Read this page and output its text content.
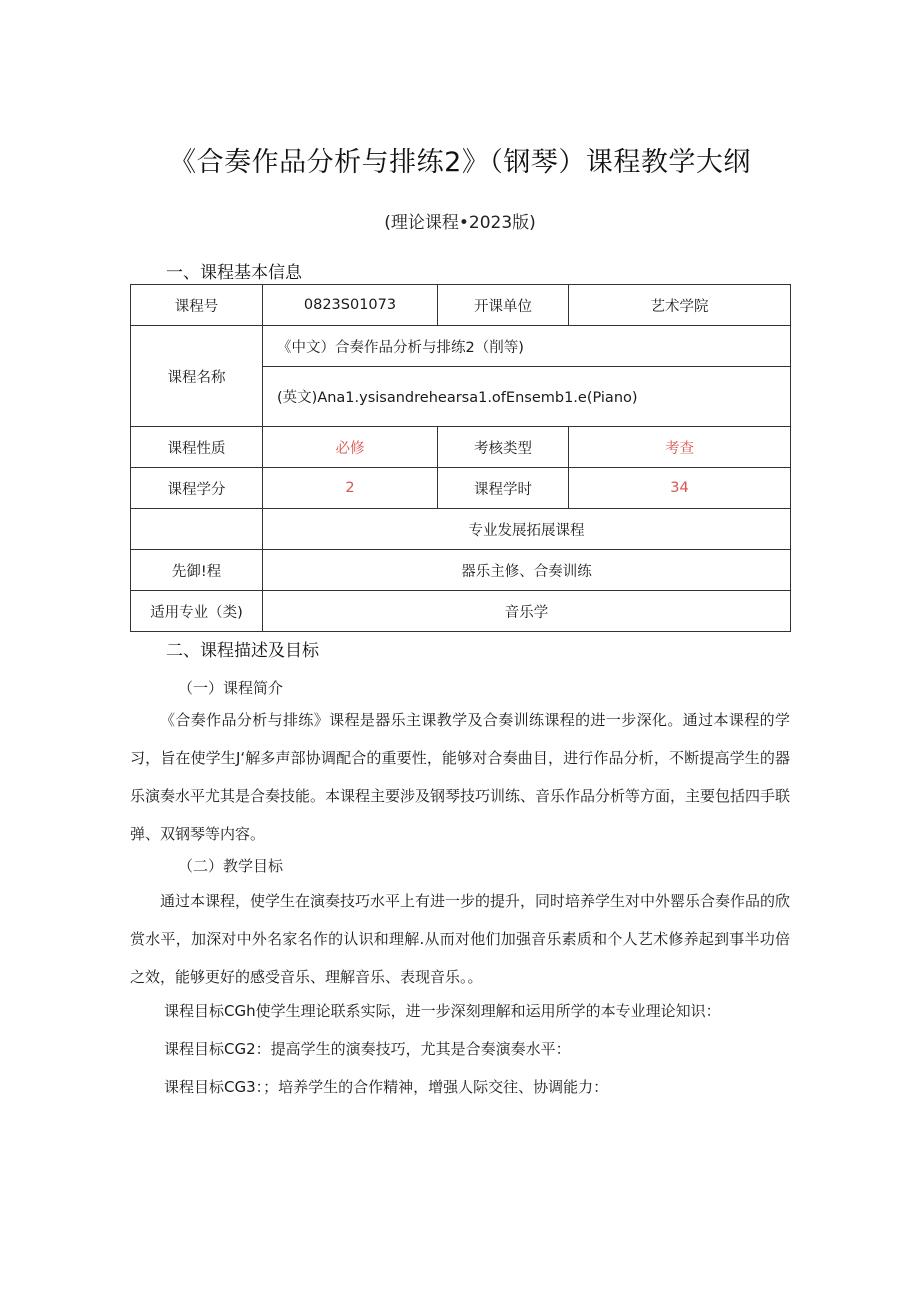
《合奏作品分析与排练2》（钢琴）课程教学大纲
(理论课程•2023版)
一、课程基本信息
课程号	0823S01073	开课单位	艺术学院
课程名称	《中文）合奏作品分析与排练2（削等)		
	(英文)Ana1.ysisandrehearsa1.ofEnsemb1.e(Piano)		
课程性质	必修	考核类型	考查
课程学分	2	课程学时	34
	专业发展拓展课程		
先御!程	器乐主修、合奏训练		
适用专业（类)	音乐学		
二、课程描述及目标
（一）课程简介

《合奏作品分析与排练》课程是器乐主课教学及合奏训练课程的进一步深化。通过本课程的学习，旨在使学生J‘解多声部协调配合的重要性，能够对合奏曲目，进行作品分析，不断提高学生的器乐演奏水平尤其是合奏技能。本课程主要涉及钢琴技巧训练、音乐作品分析等方面，主要包括四手联弹、双钢琴等内容。

（二）教学目标

通过本课程，使学生在演奏技巧水平上有进一步的提升，同时培养学生对中外罂乐合奏作品的欣赏水平，加深对中外名家名作的认识和理解.从而对他们加强音乐素质和个人艺术修养起到事半功倍之效，能够更好的感受音乐、理解音乐、表现音乐。。

课程目标CGh使学生理论联系实际，进一步深刻理解和运用所学的本专业理论知识：
课程目标CG2：提高学生的演奏技巧，尤其是合奏演奏水平：
课程目标CG3：；培养学生的合作精神，增强人际交往、协调能力：
